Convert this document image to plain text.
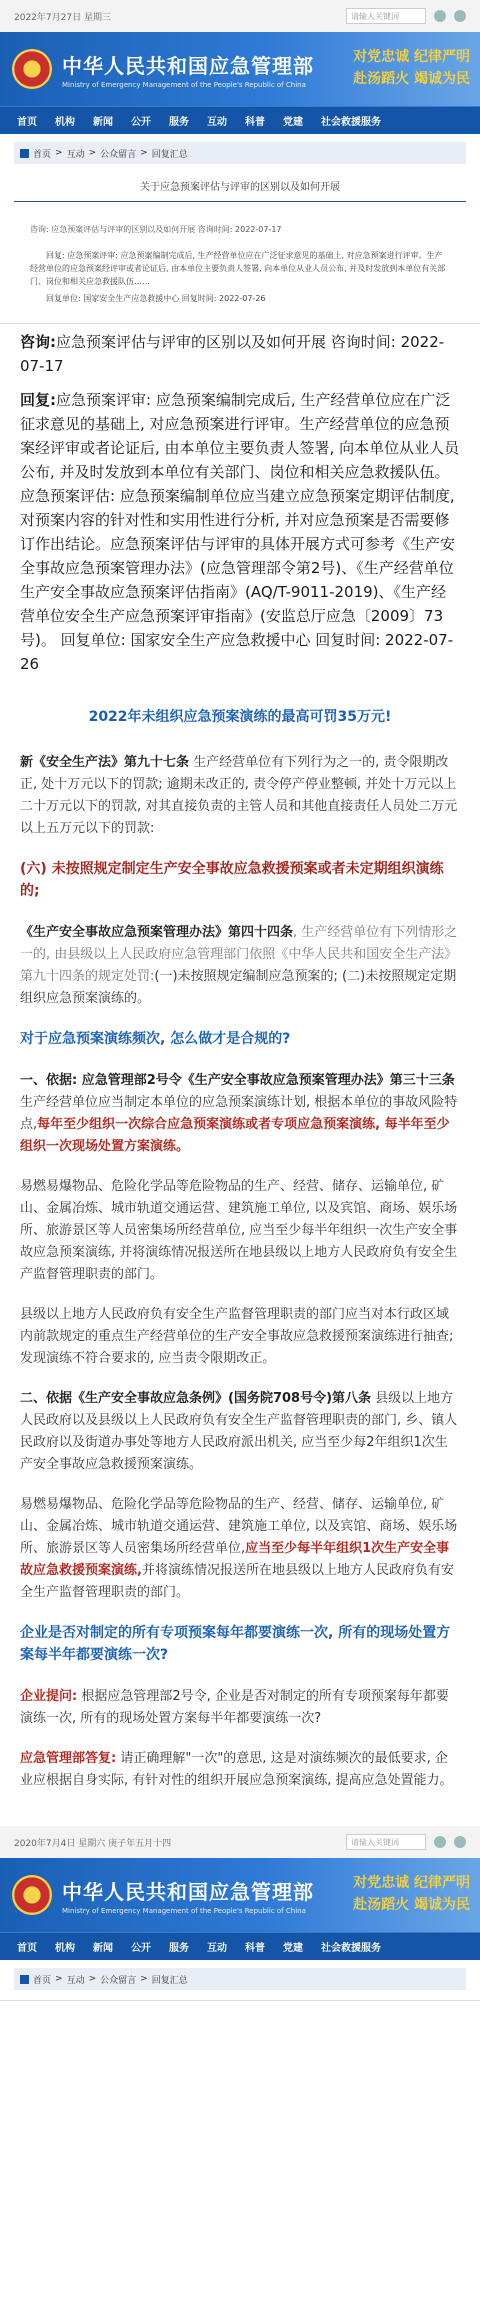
2022年7月27日 星期三	请输入关键词
中华人民共和国应急管理部
Ministry of Emergency Management of the People's Republic of China
对党忠诚 纪律严明
赴汤蹈火 竭诚为民
首页 机构 新闻 公开 服务 互动 科普 党建 社会救援服务
首页 > 互动 > 公众留言 > 回复汇总
关于应急预案评估与评审的区别以及如何开展
咨询: 应急预案评估与评审的区别以及如何开展 咨询时间: 2022-07-17
回复: 应急预案评审: 应急预案编制完成后, 生产经营单位应在广泛征求意见的基础上, 对应急预案进行评审。生产经营单位的应急预案经评审或者论证后, 由本单位主要负责人签署, 向本单位从业人员公布, 并及时发放到本单位有关部门、岗位和相关应急救援队伍……
回复单位: 国家安全生产应急救援中心 回复时间: 2022-07-26

咨询:应急预案评估与评审的区别以及如何开展 咨询时间: 2022-07-17

回复:应急预案评审: 应急预案编制完成后, 生产经营单位应在广泛征求意见的基础上, 对应急预案进行评审。生产经营单位的应急预案经评审或者论证后, 由本单位主要负责人签署, 向本单位从业人员公布, 并及时发放到本单位有关部门、岗位和相关应急救援队伍。应急预案评估: 应急预案编制单位应当建立应急预案定期评估制度, 对预案内容的针对性和实用性进行分析, 并对应急预案是否需要修订作出结论。应急预案评估与评审的具体开展方式可参考《生产安全事故应急预案管理办法》(应急管理部令第2号)、《生产经营单位生产安全事故应急预案评估指南》(AQ/T-9011-2019)、《生产经营单位安全生产应急预案评审指南》(安监总厅应急〔2009〕73号)。 回复单位: 国家安全生产应急救援中心 回复时间: 2022-07-26

2022年未组织应急预案演练的最高可罚35万元!

新《安全生产法》第九十七条 生产经营单位有下列行为之一的, 责令限期改正, 处十万元以下的罚款; 逾期未改正的, 责令停产停业整顿, 并处十万元以上二十万元以下的罚款, 对其直接负责的主管人员和其他直接责任人员处二万元以上五万元以下的罚款:

(六) 未按照规定制定生产安全事故应急救援预案或者未定期组织演练的;

《生产安全事故应急预案管理办法》第四十四条, 生产经营单位有下列情形之一的, 由县级以上人民政府应急管理部门依照《中华人民共和国安全生产法》第九十四条的规定处罚:(一)未按照规定编制应急预案的; (二)未按照规定定期组织应急预案演练的。

对于应急预案演练频次, 怎么做才是合规的?

一、依据: 应急管理部2号令《生产安全事故应急预案管理办法》第三十三条 生产经营单位应当制定本单位的应急预案演练计划, 根据本单位的事故风险特点,每年至少组织一次综合应急预案演练或者专项应急预案演练, 每半年至少组织一次现场处置方案演练。

易燃易爆物品、危险化学品等危险物品的生产、经营、储存、运输单位, 矿山、金属冶炼、城市轨道交通运营、建筑施工单位, 以及宾馆、商场、娱乐场所、旅游景区等人员密集场所经营单位, 应当至少每半年组织一次生产安全事故应急预案演练, 并将演练情况报送所在地县级以上地方人民政府负有安全生产监督管理职责的部门。

县级以上地方人民政府负有安全生产监督管理职责的部门应当对本行政区域内前款规定的重点生产经营单位的生产安全事故应急救援预案演练进行抽查; 发现演练不符合要求的, 应当责令限期改正。

二、依据《生产安全事故应急条例》(国务院708号令)第八条 县级以上地方人民政府以及县级以上人民政府负有安全生产监督管理职责的部门, 乡、镇人民政府以及街道办事处等地方人民政府派出机关, 应当至少每2年组织1次生产安全事故应急救援预案演练。

易燃易爆物品、危险化学品等危险物品的生产、经营、储存、运输单位, 矿山、金属冶炼、城市轨道交通运营、建筑施工单位, 以及宾馆、商场、娱乐场所、旅游景区等人员密集场所经营单位,应当至少每半年组织1次生产安全事故应急救援预案演练,并将演练情况报送所在地县级以上地方人民政府负有安全生产监督管理职责的部门。

企业是否对制定的所有专项预案每年都要演练一次, 所有的现场处置方案每半年都要演练一次?

企业提问: 根据应急管理部2号令, 企业是否对制定的所有专项预案每年都要演练一次, 所有的现场处置方案每半年都要演练一次?

应急管理部答复: 请正确理解"一次"的意思, 这是对演练频次的最低要求, 企业应根据自身实际, 有针对性的组织开展应急预案演练, 提高应急处置能力。

2020年7月4日 星期六 庚子年五月十四	请输入关键词
中华人民共和国应急管理部
Ministry of Emergency Management of the People's Republic of China
对党忠诚 纪律严明
赴汤蹈火 竭诚为民
首页 机构 新闻 公开 服务 互动 科普 党建 社会救援服务
首页 > 互动 > 公众留言 > 回复汇总
